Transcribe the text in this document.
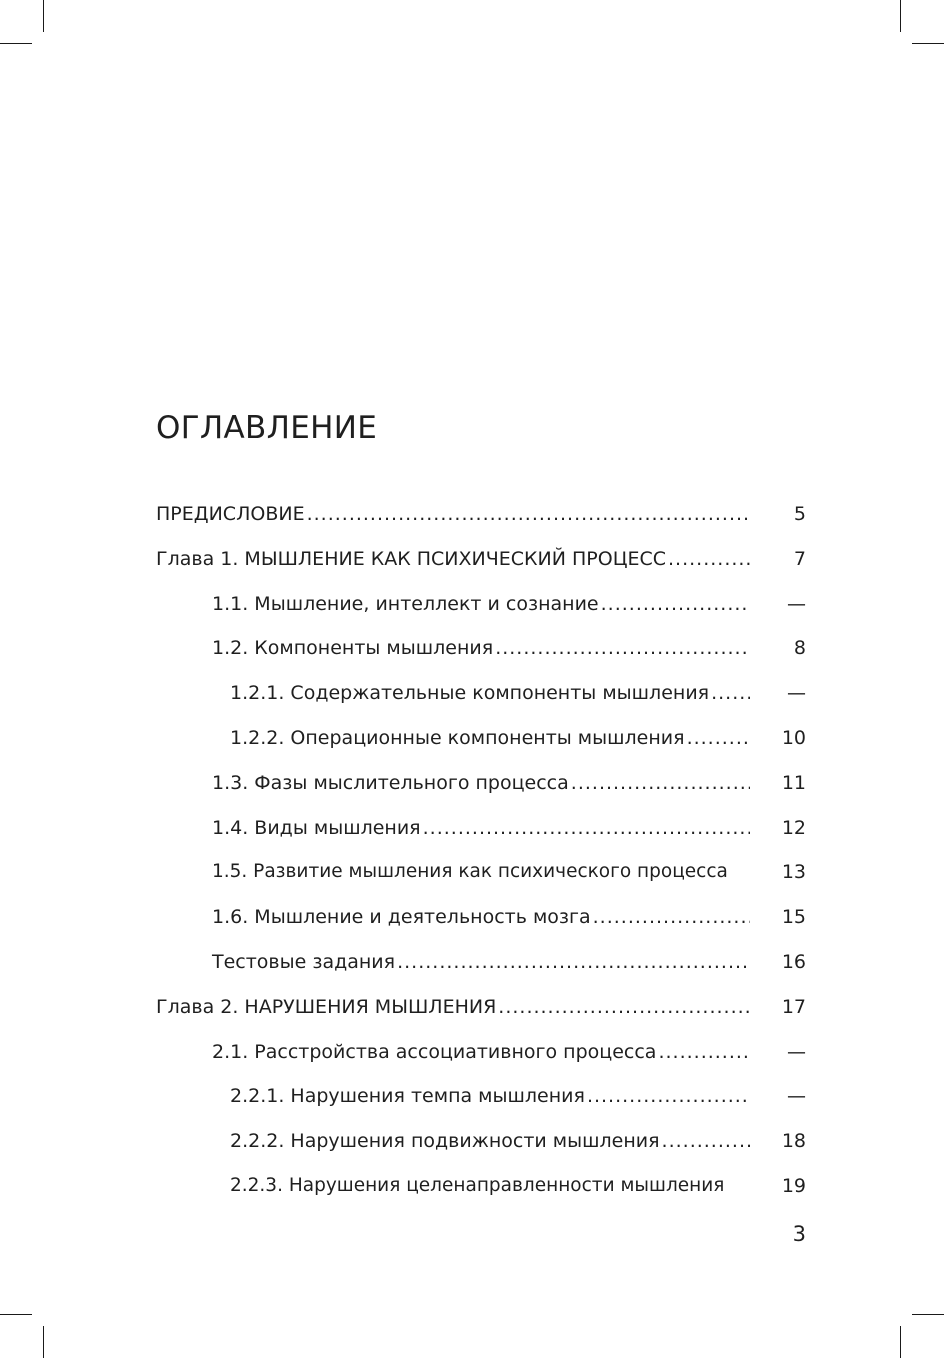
ОГЛАВЛЕНИЕ
ПРЕДИСЛОВИЕ .....	5
Глава 1. МЫШЛЕНИЕ КАК ПСИХИЧЕСКИЙ ПРОЦЕСС .....	7
1.1. Мышление, интеллект и сознание .....	—
1.2. Компоненты мышления .....	8
1.2.1. Содержательные компоненты мышления .....	—
1.2.2. Операционные компоненты мышления .....	10
1.3. Фазы мыслительного процесса .....	11
1.4. Виды мышления .....	12
1.5. Развитие мышления как психического процесса	13
1.6. Мышление и деятельность мозга .....	15
Тестовые задания .....	16
Глава 2. НАРУШЕНИЯ МЫШЛЕНИЯ .....	17
2.1. Расстройства ассоциативного процесса .....	—
2.2.1. Нарушения темпа мышления .....	—
2.2.2. Нарушения подвижности мышления .....	18
2.2.3. Нарушения целенаправленности мышления	19
3
